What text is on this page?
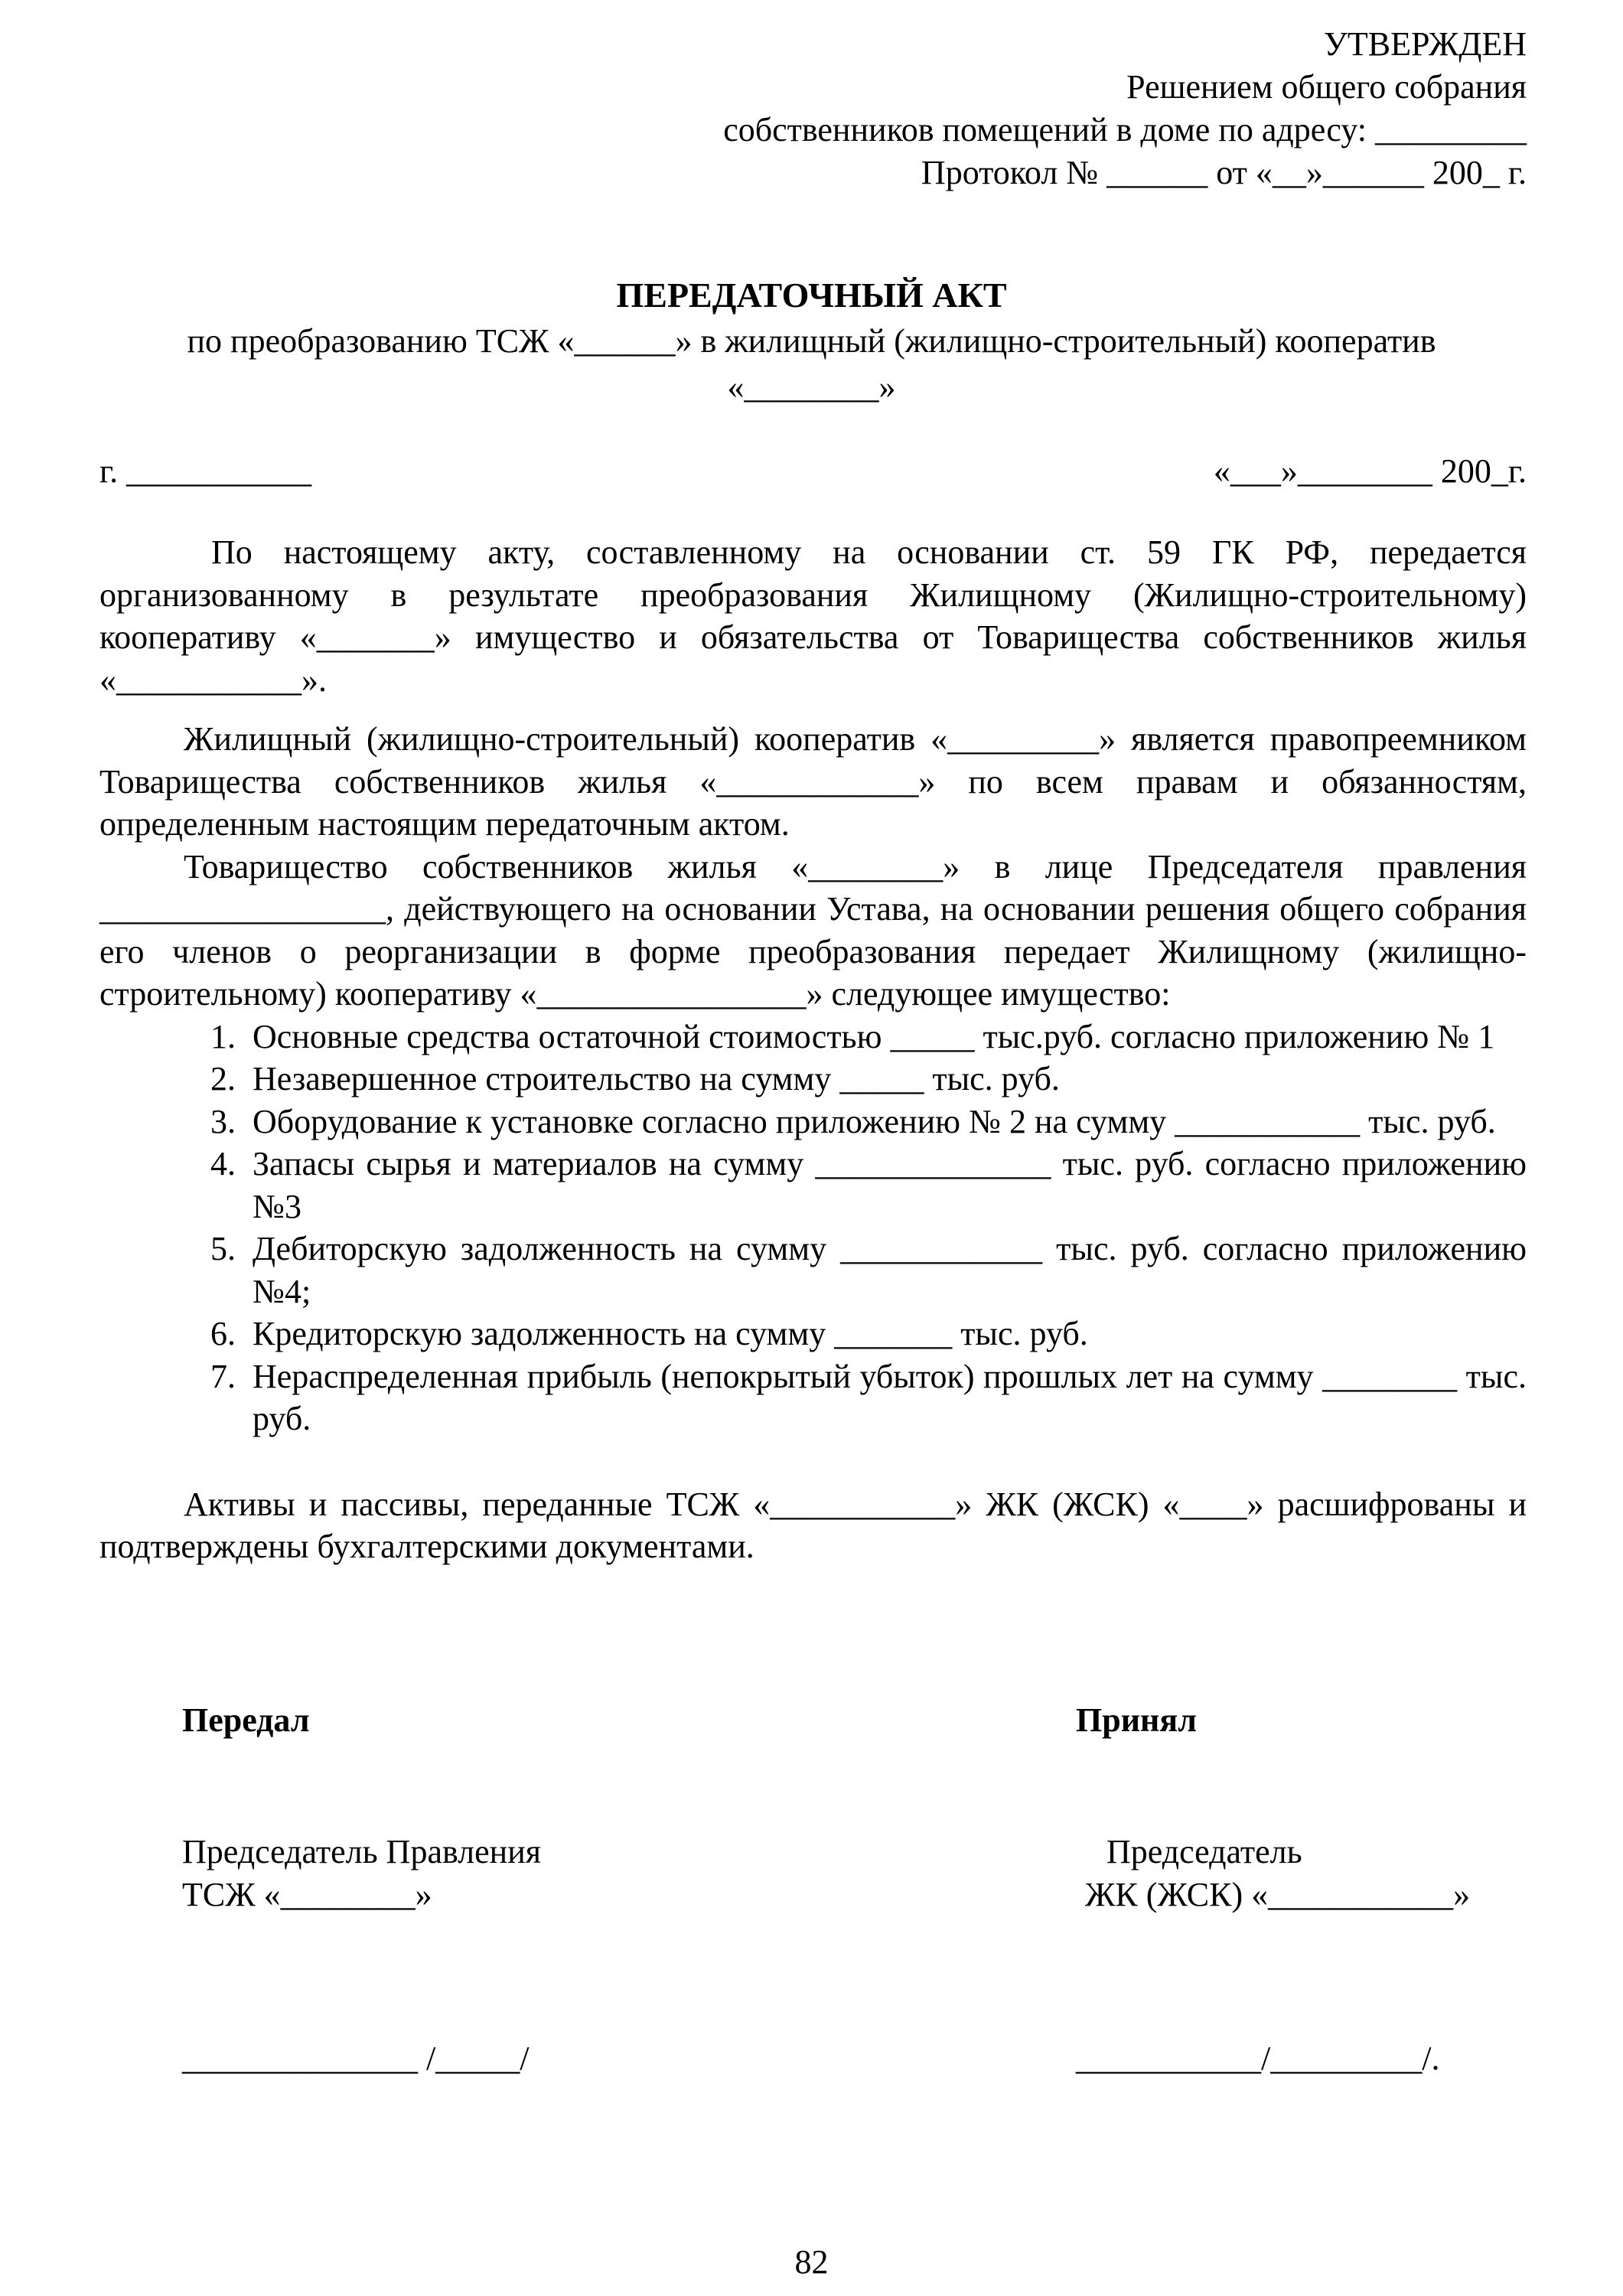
УТВЕРЖДЕН
Решением общего собрания
собственников помещений в доме по адресу: _________
Протокол № ______ от «__»______ 200_ г.
ПЕРЕДАТОЧНЫЙ АКТ
по преобразованию ТСЖ «______» в жилищный (жилищно-строительный) кооператив
«________»
г. ___________	«___»________ 200_г.

По настоящему акту, составленному на основании ст. 59 ГК РФ, передается организованному в результате преобразования Жилищному (Жилищно-строительному) кооперативу «_______» имущество и обязательства от Товарищества собственников жилья «___________».

Жилищный (жилищно-строительный) кооператив «_________» является правопреемником Товарищества собственников жилья «____________» по всем правам и обязанностям, определенным настоящим передаточным актом.

Товарищество собственников жилья «________» в лице Председателя правления _________________, действующего на основании Устава, на основании решения общего собрания его членов о реорганизации в форме преобразования передает Жилищному (жилищно-строительному) кооперативу «________________» следующее имущество:

1. Основные средства остаточной стоимостью _____ тыс.руб. согласно приложению № 1
2. Незавершенное строительство на сумму _____ тыс. руб.
3. Оборудование к установке согласно приложению № 2 на сумму ___________ тыс. руб.
4. Запасы сырья и материалов на сумму ______________ тыс. руб. согласно приложению №3
5. Дебиторскую задолженность на сумму ____________ тыс. руб. согласно приложению №4;
6. Кредиторскую задолженность на сумму _______ тыс. руб.
7. Нераспределенная прибыль (непокрытый убыток) прошлых лет на сумму ________ тыс. руб.

Активы и пассивы, переданные ТСЖ «___________» ЖК (ЖСК) «____» расшифрованы и подтверждены бухгалтерскими документами.

Передал	Принял
Председатель Правления
ТСЖ «________»
Председатель
ЖК (ЖСК) «___________»
______________ /_____/	___________/_________/.
82
